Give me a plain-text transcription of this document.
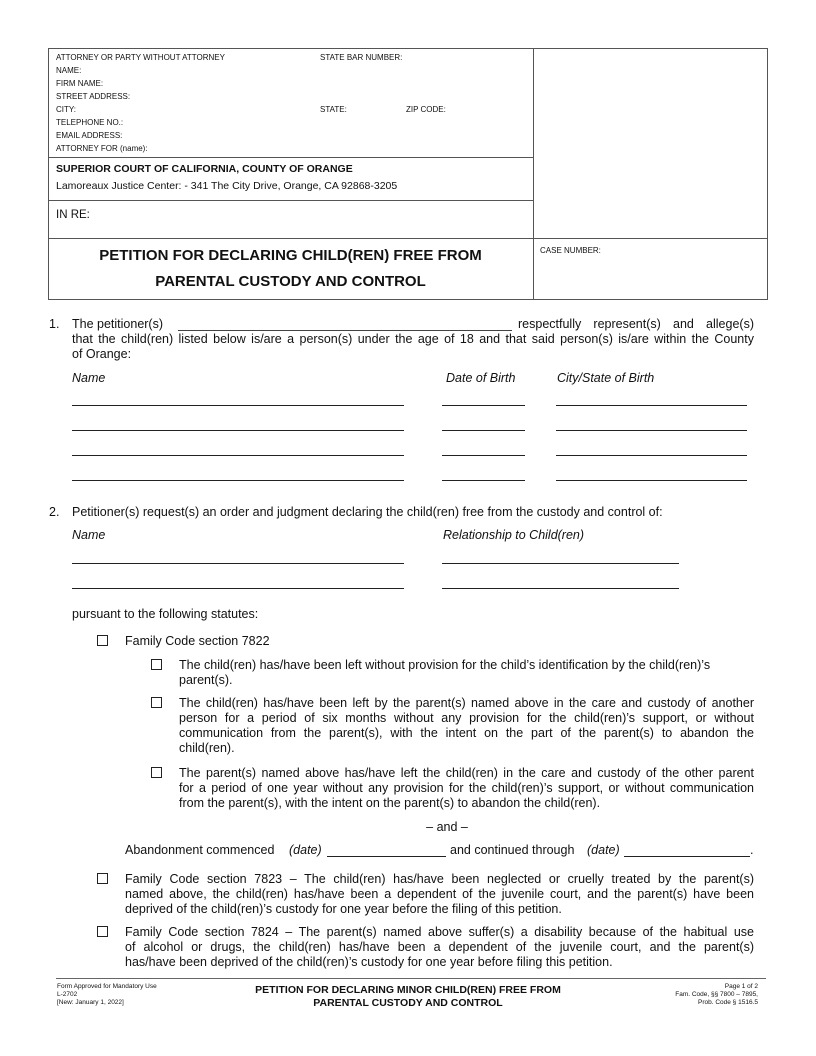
ATTORNEY OR PARTY WITHOUT ATTORNEY
NAME:
FIRM NAME:
STREET ADDRESS:
CITY:
TELEPHONE NO.:
EMAIL ADDRESS:
ATTORNEY FOR (name):
STATE BAR NUMBER:
STATE:	ZIP CODE:
SUPERIOR COURT OF CALIFORNIA, COUNTY OF ORANGE
Lamoreaux Justice Center: - 341 The City Drive, Orange, CA 92868-3205
IN RE:
PETITION FOR DECLARING CHILD(REN) FREE FROM
PARENTAL CUSTODY AND CONTROL
CASE NUMBER:
1. The petitioner(s)	respectfully represent(s) and allege(s)
that the child(ren) listed below is/are a person(s) under the age of 18 and that said person(s) is/are within the County
of Orange:
Name	Date of Birth	City/State of Birth
2. Petitioner(s) request(s) an order and judgment declaring the child(ren) free from the custody and control of:
Name	Relationship to Child(ren)
pursuant to the following statutes:
Family Code section 7822
The child(ren) has/have been left without provision for the child’s identification by the child(ren)’s
parent(s).
The child(ren) has/have been left by the parent(s) named above in the care and custody of another
person for a period of six months without any provision for the child(ren)’s support, or without
communication from the parent(s), with the intent on the part of the parent(s) to abandon the
child(ren).
The parent(s) named above has/have left the child(ren) in the care and custody of the other parent
for a period of one year without any provision for the child(ren)’s support, or without communication
from the parent(s), with the intent on the parent(s) to abandon the child(ren).
– and –
Abandonment commenced (date)	and continued through (date)	.
Family Code section 7823 – The child(ren) has/have been neglected or cruelly treated by the parent(s)
named above, the child(ren) has/have been a dependent of the juvenile court, and the parent(s) have been
deprived of the child(ren)’s custody for one year before the filing of this petition.
Family Code section 7824 – The parent(s) named above suffer(s) a disability because of the habitual use
of alcohol or drugs, the child(ren) has/have been a dependent of the juvenile court, and the parent(s)
has/have been deprived of the child(ren)’s custody for one year before filing this petition.
Form Approved for Mandatory Use
L-2702
[New: January 1, 2022]
PETITION FOR DECLARING MINOR CHILD(REN) FREE FROM
PARENTAL CUSTODY AND CONTROL
Page 1 of 2
Fam. Code, §§ 7800 – 7895,
Prob. Code § 1516.5
